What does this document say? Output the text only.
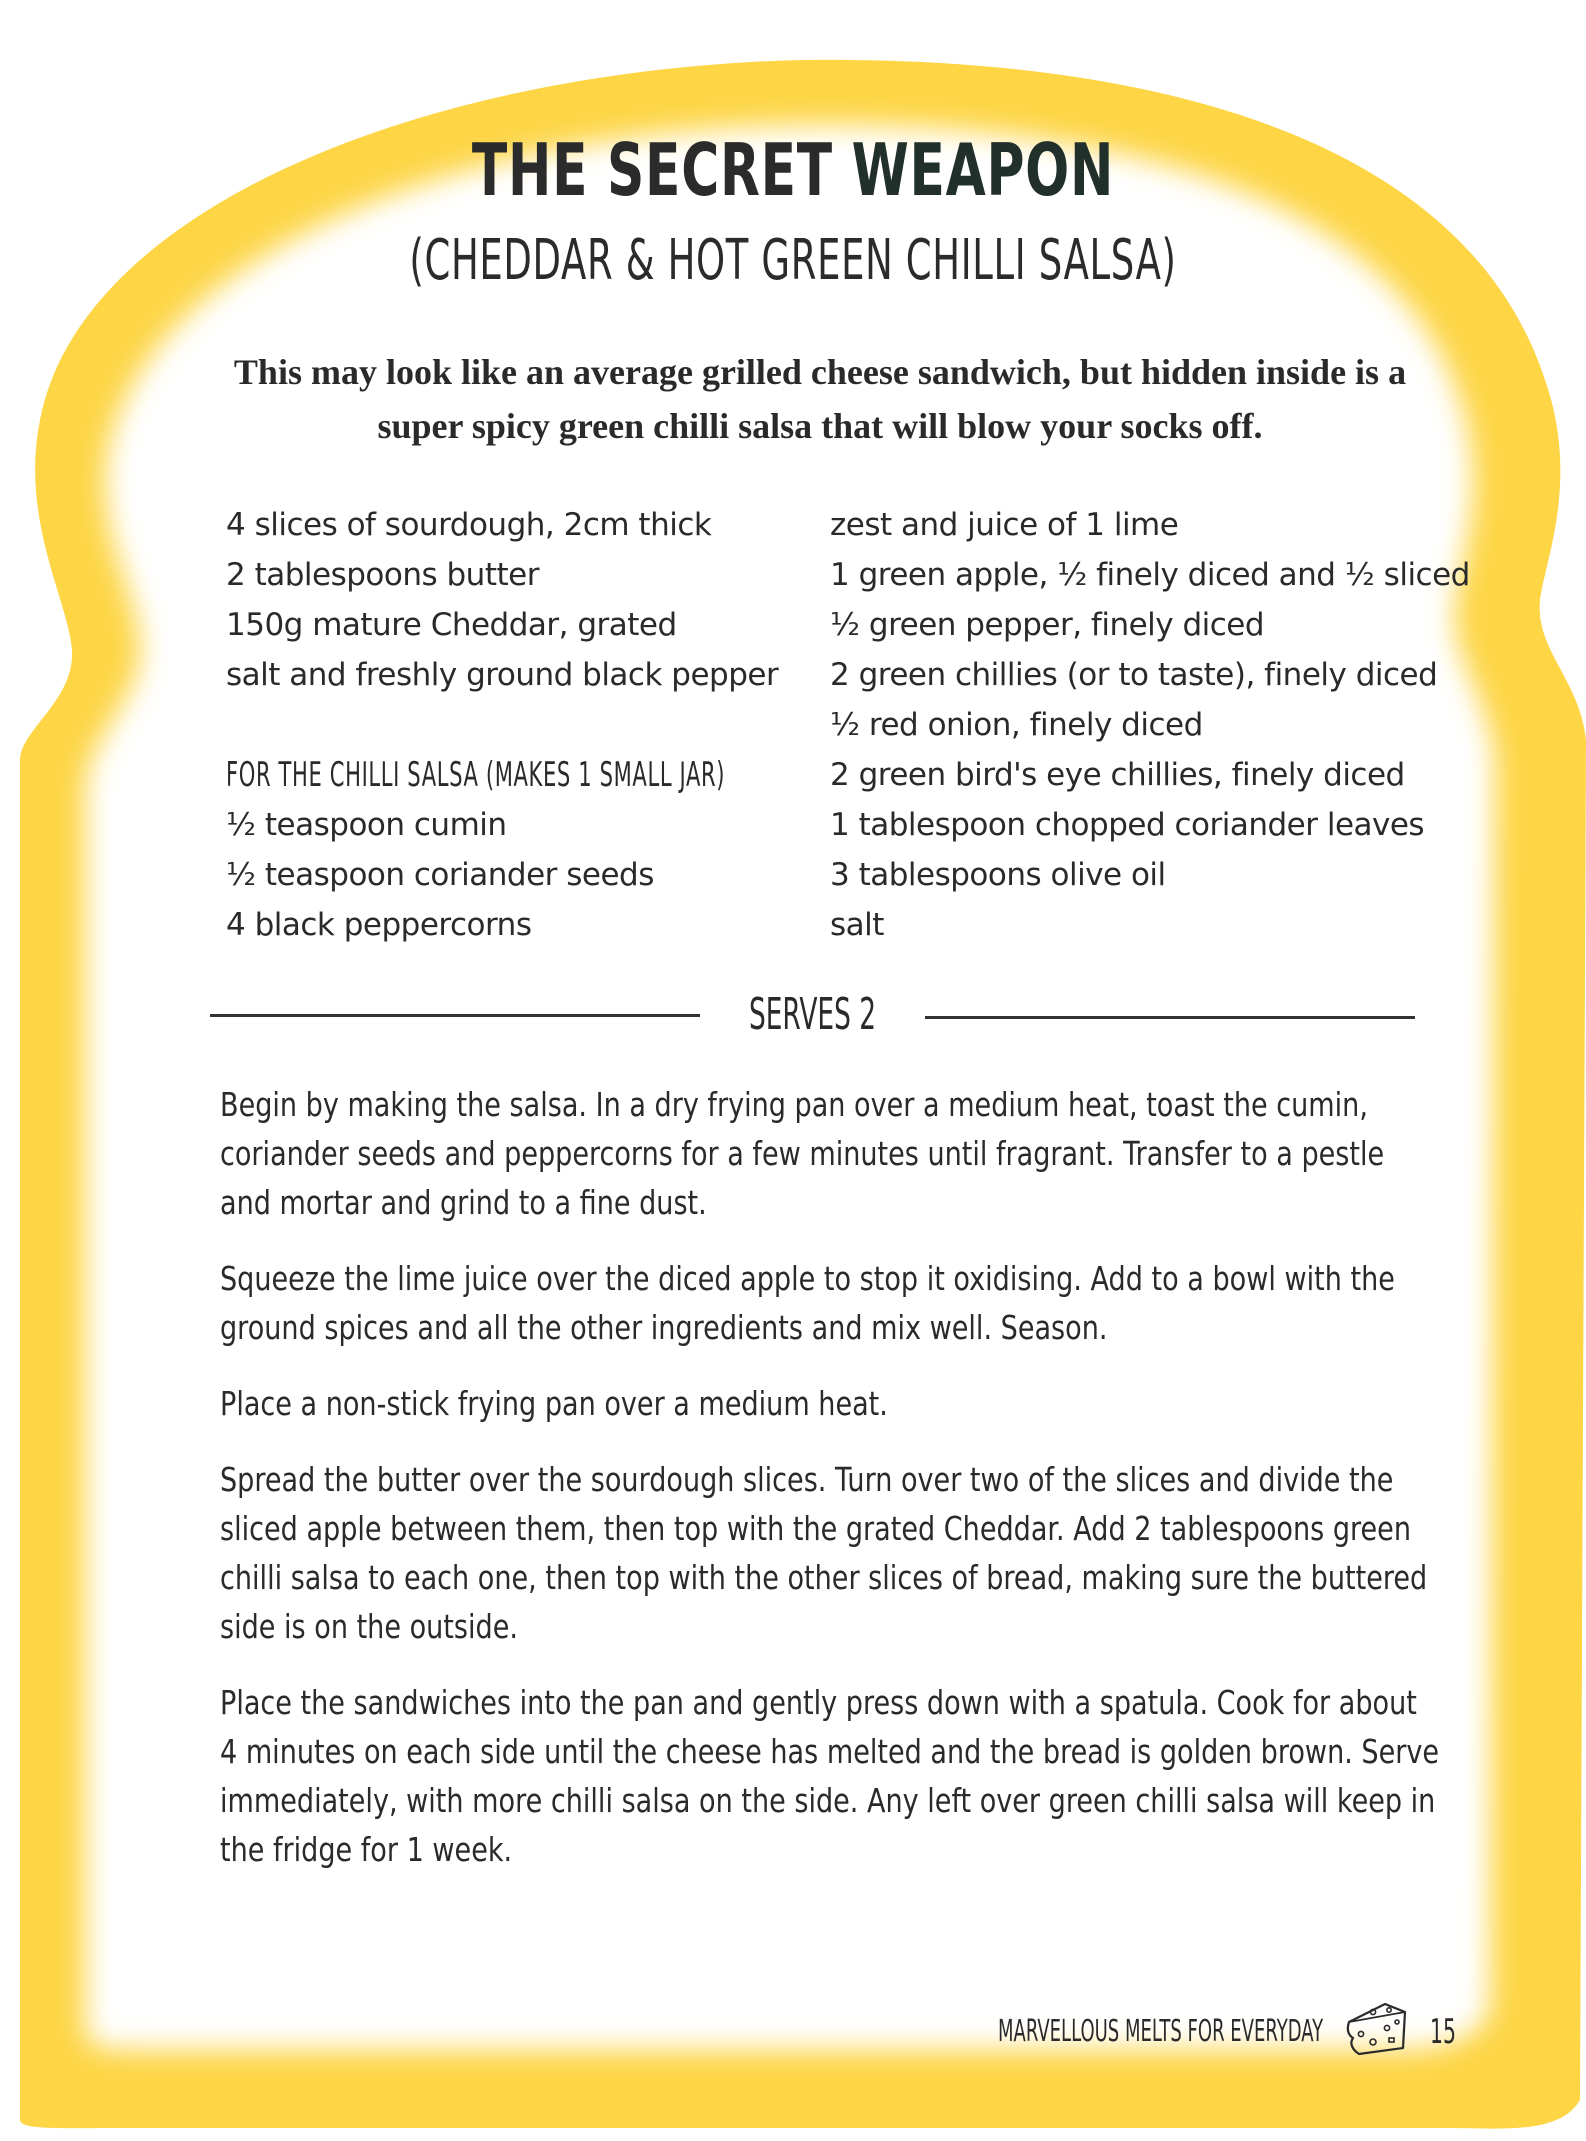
THE SECRET WEAPON
(CHEDDAR & HOT GREEN CHILLI SALSA)
This may look like an average grilled cheese sandwich, but hidden inside is a super spicy green chilli salsa that will blow your socks off.
4 slices of sourdough, 2cm thick
2 tablespoons butter
150g mature Cheddar, grated
salt and freshly ground black pepper
FOR THE CHILLI SALSA (MAKES 1 SMALL JAR)
½ teaspoon cumin
½ teaspoon coriander seeds
4 black peppercorns
zest and juice of 1 lime
1 green apple, ½ finely diced and ½ sliced
½ green pepper, finely diced
2 green chillies (or to taste), finely diced
½ red onion, finely diced
2 green bird's eye chillies, finely diced
1 tablespoon chopped coriander leaves
3 tablespoons olive oil
salt
SERVES 2

Begin by making the salsa. In a dry frying pan over a medium heat, toast the cumin, coriander seeds and peppercorns for a few minutes until fragrant. Transfer to a pestle and mortar and grind to a fine dust.

Squeeze the lime juice over the diced apple to stop it oxidising. Add to a bowl with the ground spices and all the other ingredients and mix well. Season.

Place a non-stick frying pan over a medium heat.

Spread the butter over the sourdough slices. Turn over two of the slices and divide the sliced apple between them, then top with the grated Cheddar. Add 2 tablespoons green chilli salsa to each one, then top with the other slices of bread, making sure the buttered side is on the outside.

Place the sandwiches into the pan and gently press down with a spatula. Cook for about 4 minutes on each side until the cheese has melted and the bread is golden brown. Serve immediately, with more chilli salsa on the side. Any left over green chilli salsa will keep in the fridge for 1 week.

MARVELLOUS MELTS FOR EVERYDAY	15
